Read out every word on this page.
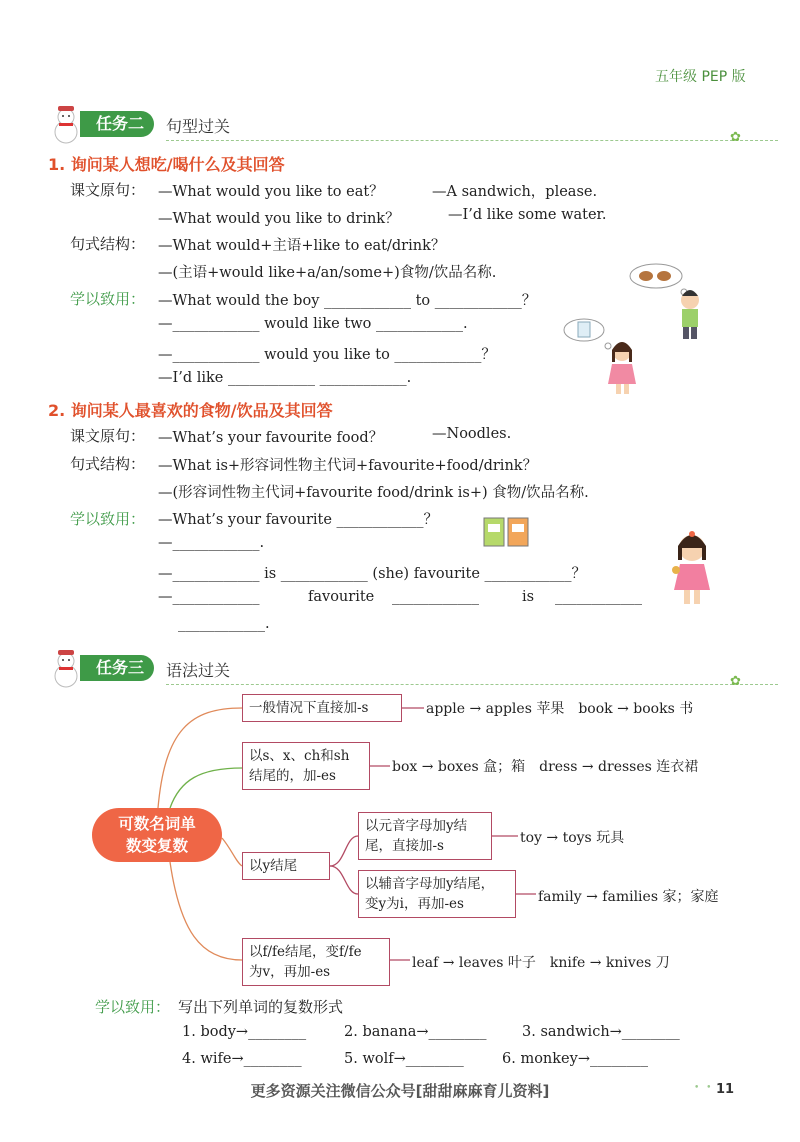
五年级 PEP 版
任务二	句型过关
✿
1. 询问某人想吃/喝什么及其回答
课文原句： —What would you like to eat？	—A sandwich，please.
—What would you like to drink？	—I’d like some water.
句式结构： —What would+主语+like to eat/drink？
—(主语+would like+a/an/some+)食物/饮品名称.
学以致用： —What would the boy ____________ to ____________？
—____________ would like two ____________.
—____________ would you like to ____________？
—I’d like ____________ ____________.
2. 询问某人最喜欢的食物/饮品及其回答
课文原句： —What’s your favourite food？	—Noodles.
句式结构： —What is+形容词性物主代词+favourite+food/drink？
—(形容词性物主代词+favourite food/drink is+) 食物/饮品名称.
学以致用： —What’s your favourite ____________？
—____________.
—____________ is ____________ (she) favourite ____________？
—____________	favourite ____________	is ____________
____________.
任务三	语法过关
✿
可数名词单
数变复数
一般情况下直接加-s	apple → apples 苹果　book → books 书
以s、x、ch和sh
结尾的，加-es
box → boxes 盒；箱　dress → dresses 连衣裙
以y结尾
以元音字母加y结
尾，直接加-s	toy → toys 玩具
以辅音字母加y结尾，
变y为i，再加-es	family → families 家；家庭
以f/fe结尾，变f/fe
为v，再加-es
leaf → leaves 叶子　knife → knives 刀
学以致用： 写出下列单词的复数形式
1. body→________	2. banana→________ 3. sandwich→________
4. wife→________	5. wolf→________	6. monkey→________
更多资源关注微信公众号[甜甜麻麻育儿资料]	• • 11
